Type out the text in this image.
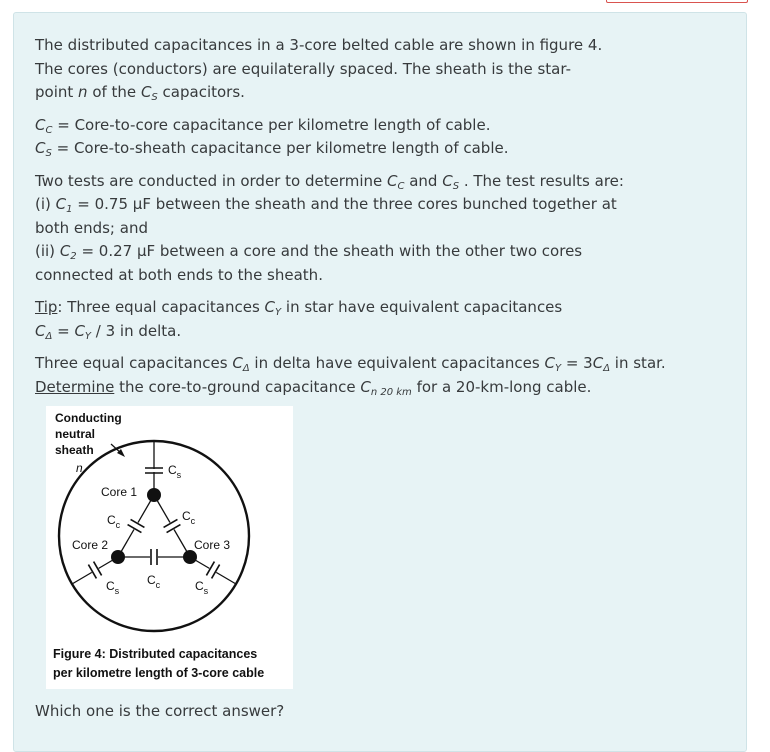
The distributed capacitances in a 3-core belted cable are shown in figure 4.
The cores (conductors) are equilaterally spaced. The sheath is the star-
point n of the $C_S$ capacitors.

$C_C$ = Core-to-core capacitance per kilometre length of cable.
$C_S$ = Core-to-sheath capacitance per kilometre length of cable.

Two tests are conducted in order to determine $C_C$ and $C_S$ . The test results are:
(i) $C_1 = 0.75$ μF between the sheath and the three cores bunched together at
both ends; and
(ii) $C_2 = 0.27$ μF between a core and the sheath with the other two cores
connected at both ends to the sheath.

Tip: Three equal capacitances $C_Y$ in star have equivalent capacitances
$C_\Delta = C_Y / 3$ in delta.

Three equal capacitances $C_\Delta$ in delta have equivalent capacitances $C_Y = 3C_\Delta$ in star.
Determine the core-to-ground capacitance $C_{n 20 km}$ for a 20-km-long cable.

Conducting
neutral
sheath
n
Core 1
Core 2	Core 3
$C_s$
$C_c$
$C_c$
$C_c$
$C_s$	$C_s$
Figure 4: Distributed capacitances
per kilometre length of 3-core cable
Which one is the correct answer?
